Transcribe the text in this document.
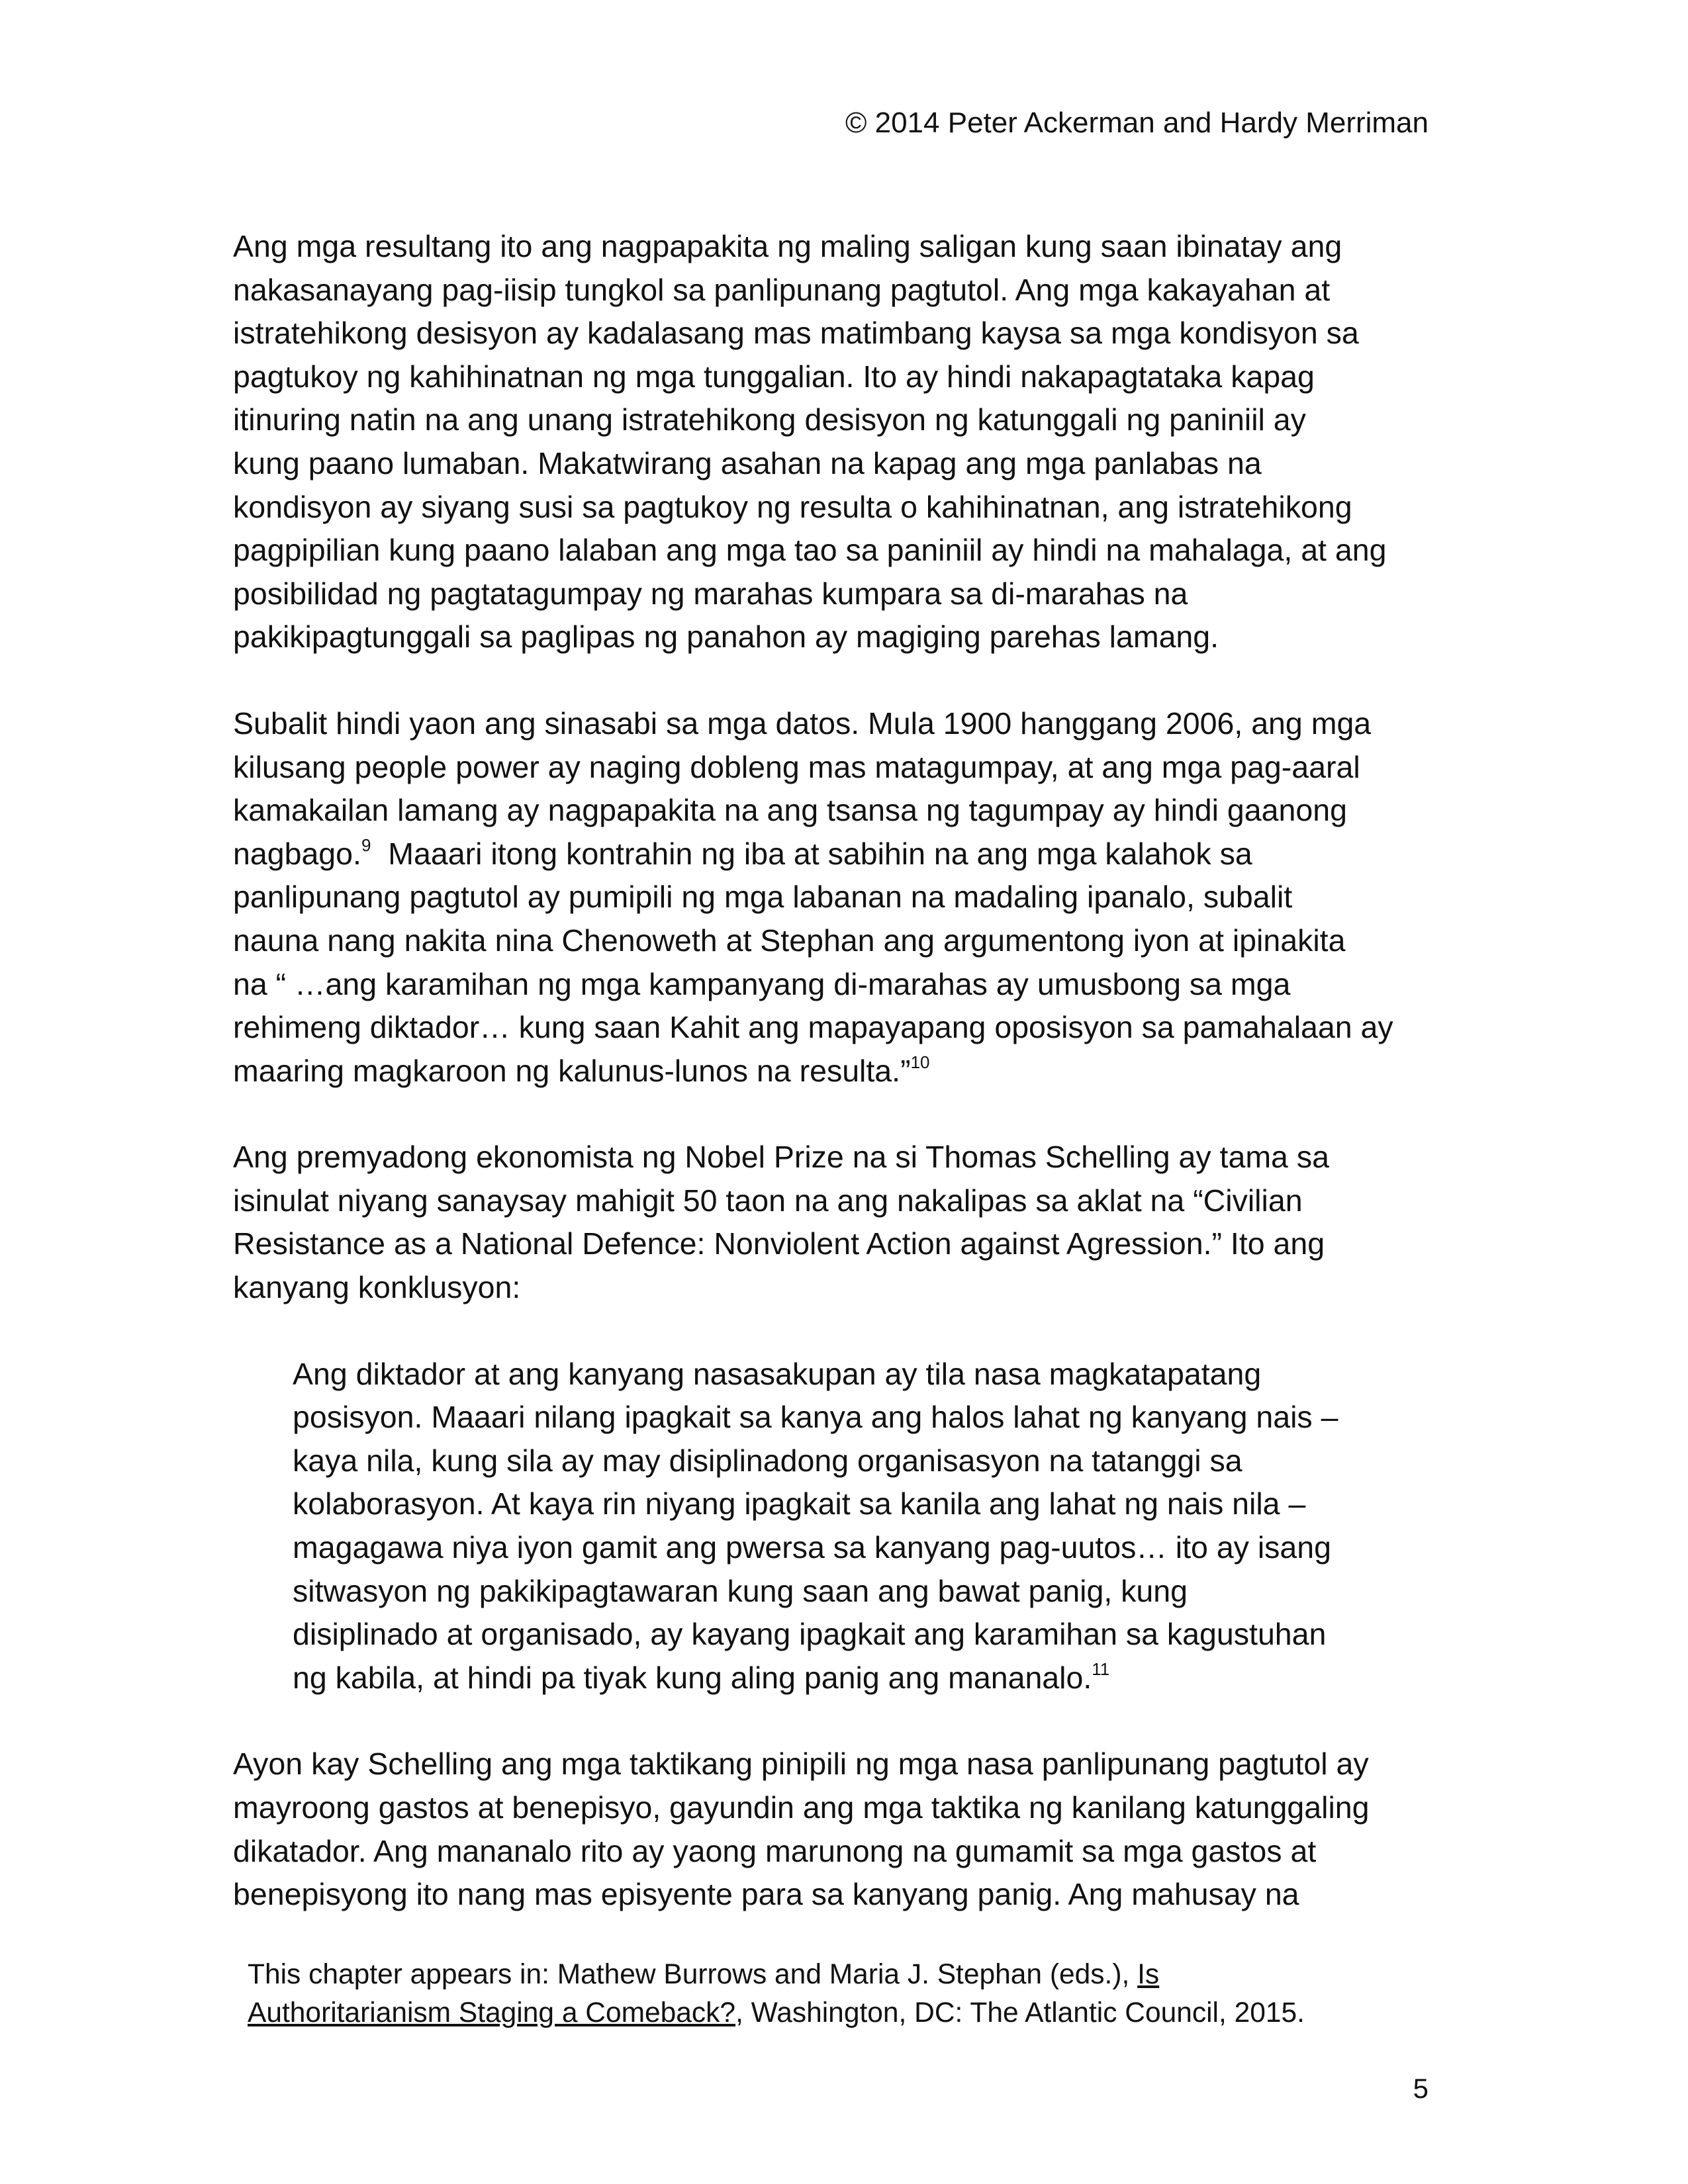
© 2014 Peter Ackerman and Hardy Merriman

Ang mga resultang ito ang nagpapakita ng maling saligan kung saan ibinatay ang
nakasanayang pag-iisip tungkol sa panlipunang pagtutol. Ang mga kakayahan at
istratehikong desisyon ay kadalasang mas matimbang kaysa sa mga kondisyon sa
pagtukoy ng kahihinatnan ng mga tunggalian. Ito ay hindi nakapagtataka kapag
itinuring natin na ang unang istratehikong desisyon ng katunggali ng paniniil ay
kung paano lumaban. Makatwirang asahan na kapag ang mga panlabas na
kondisyon ay siyang susi sa pagtukoy ng resulta o kahihinatnan, ang istratehikong
pagpipilian kung paano lalaban ang mga tao sa paniniil ay hindi na mahalaga, at ang
posibilidad ng pagtatagumpay ng marahas kumpara sa di-marahas na
pakikipagtunggali sa paglipas ng panahon ay magiging parehas lamang.

Subalit hindi yaon ang sinasabi sa mga datos. Mula 1900 hanggang 2006, ang mga
kilusang people power ay naging dobleng mas matagumpay, at ang mga pag-aaral
kamakailan lamang ay nagpapakita na ang tsansa ng tagumpay ay hindi gaanong
nagbago.$^9$ Maaari itong kontrahin ng iba at sabihin na ang mga kalahok sa
panlipunang pagtutol ay pumipili ng mga labanan na madaling ipanalo, subalit
nauna nang nakita nina Chenoweth at Stephan ang argumentong iyon at ipinakita
na “ …ang karamihan ng mga kampanyang di-marahas ay umusbong sa mga
rehimeng diktador… kung saan Kahit ang mapayapang oposisyon sa pamahalaan ay
maaring magkaroon ng kalunus-lunos na resulta.”$^{10}$

Ang premyadong ekonomista ng Nobel Prize na si Thomas Schelling ay tama sa
isinulat niyang sanaysay mahigit 50 taon na ang nakalipas sa aklat na “Civilian
Resistance as a National Defence: Nonviolent Action against Agression.” Ito ang
kanyang konklusyon:

Ang diktador at ang kanyang nasasakupan ay tila nasa magkatapatang
posisyon. Maaari nilang ipagkait sa kanya ang halos lahat ng kanyang nais –
kaya nila, kung sila ay may disiplinadong organisasyon na tatanggi sa
kolaborasyon. At kaya rin niyang ipagkait sa kanila ang lahat ng nais nila –
magagawa niya iyon gamit ang pwersa sa kanyang pag-uutos… ito ay isang
sitwasyon ng pakikipagtawaran kung saan ang bawat panig, kung
disiplinado at organisado, ay kayang ipagkait ang karamihan sa kagustuhan
ng kabila, at hindi pa tiyak kung aling panig ang mananalo.$^{11}$

Ayon kay Schelling ang mga taktikang pinipili ng mga nasa panlipunang pagtutol ay
mayroong gastos at benepisyo, gayundin ang mga taktika ng kanilang katunggaling
dikatador. Ang mananalo rito ay yaong marunong na gumamit sa mga gastos at
benepisyong ito nang mas episyente para sa kanyang panig. Ang mahusay na

This chapter appears in: Mathew Burrows and Maria J. Stephan (eds.), Is
Authoritarianism Staging a Comeback?, Washington, DC: The Atlantic Council, 2015.
5
